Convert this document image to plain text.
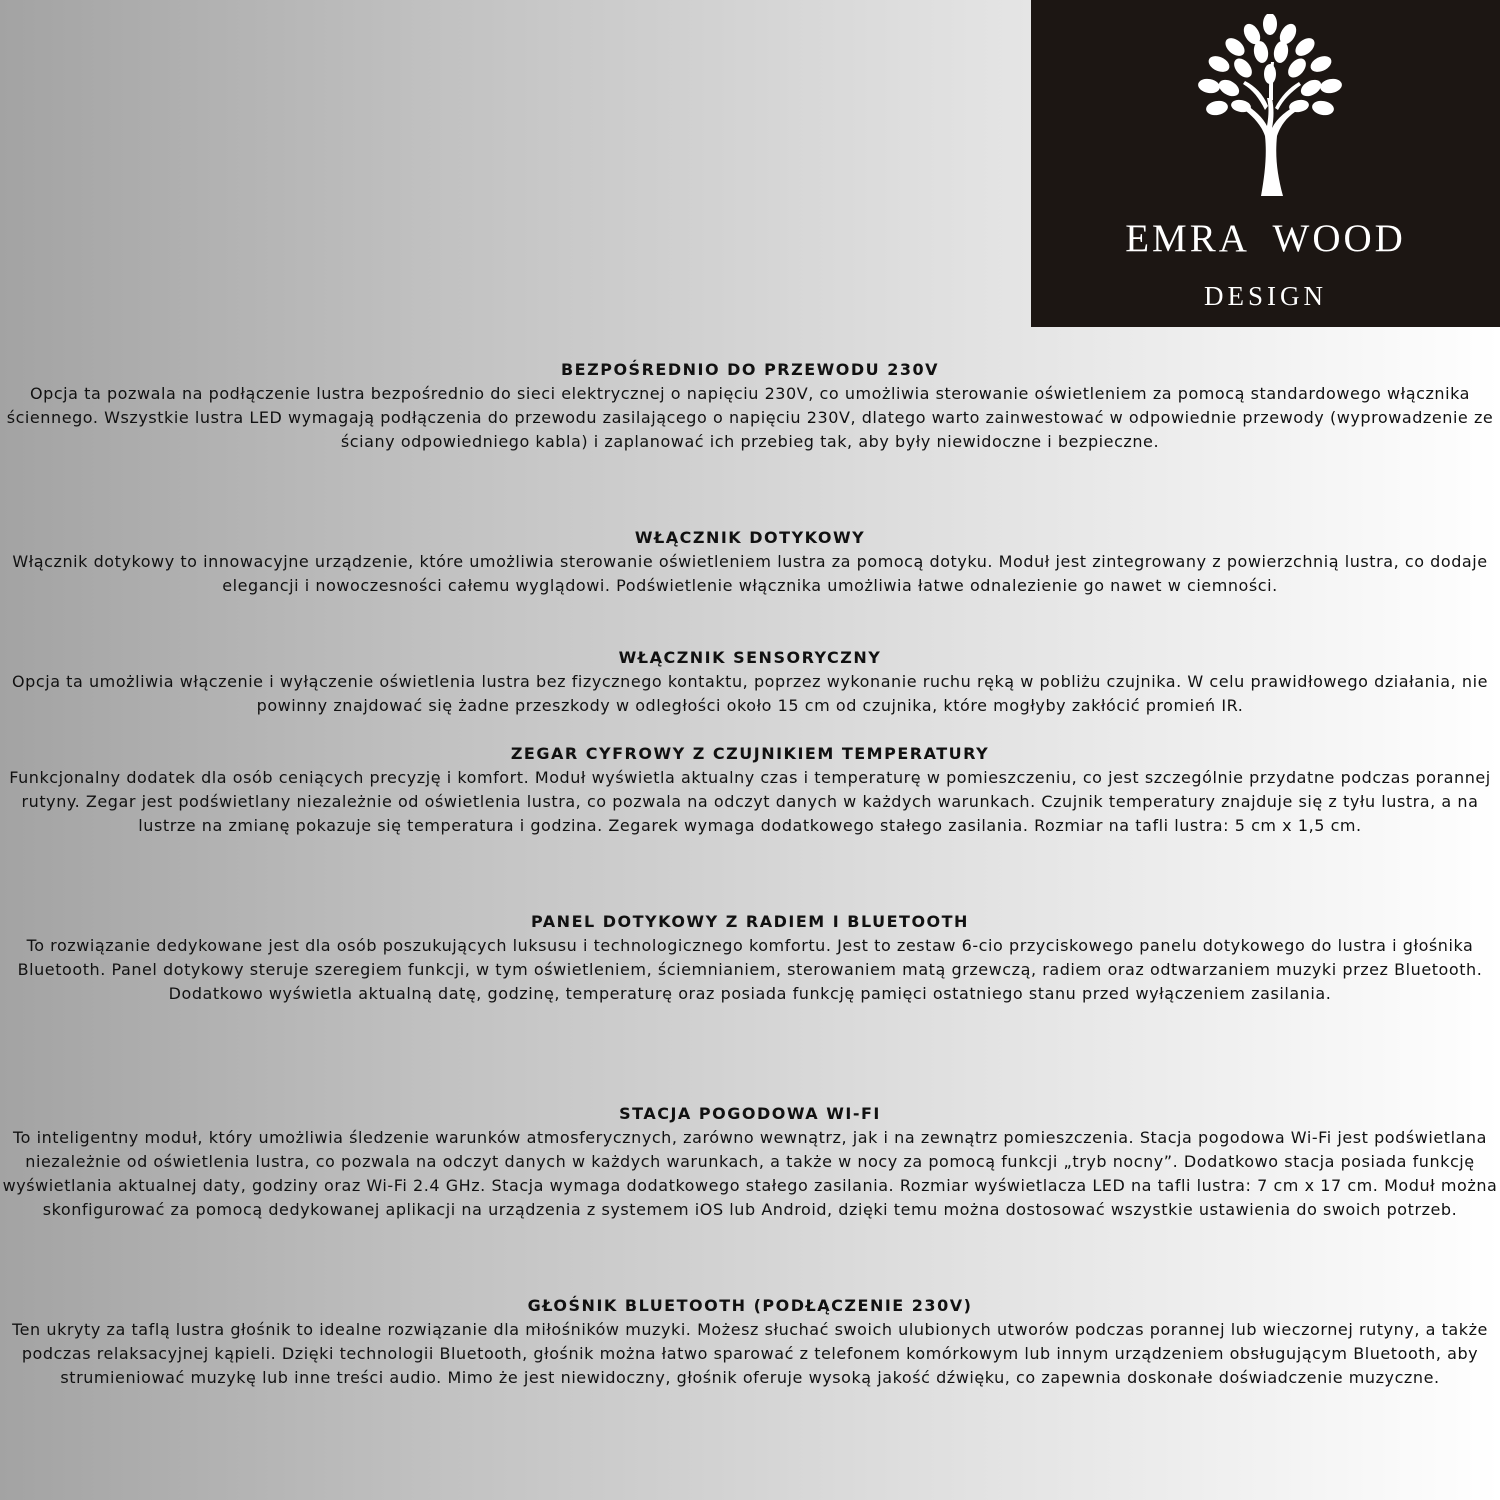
EMRA  WOOD
DESIGN

BEZPOŚREDNIO DO PRZEWODU 230V

Opcja ta pozwala na podłączenie lustra bezpośrednio do sieci elektrycznej o napięciu 230V, co umożliwia sterowanie oświetleniem za pomocą standardowego włącznika ściennego. Wszystkie lustra LED wymagają podłączenia do przewodu zasilającego o napięciu 230V, dlatego warto zainwestować w odpowiednie przewody (wyprowadzenie ze ściany odpowiedniego kabla) i zaplanować ich przebieg tak, aby były niewidoczne i bezpieczne.

WŁĄCZNIK DOTYKOWY

Włącznik dotykowy to innowacyjne urządzenie, które umożliwia sterowanie oświetleniem lustra za pomocą dotyku. Moduł jest zintegrowany z powierzchnią lustra, co dodaje elegancji i nowoczesności całemu wyglądowi. Podświetlenie włącznika umożliwia łatwe odnalezienie go nawet w ciemności.

WŁĄCZNIK SENSORYCZNY

Opcja ta umożliwia włączenie i wyłączenie oświetlenia lustra bez fizycznego kontaktu, poprzez wykonanie ruchu ręką w pobliżu czujnika. W celu prawidłowego działania, nie powinny znajdować się żadne przeszkody w odległości około 15 cm od czujnika, które mogłyby zakłócić promień IR.

ZEGAR CYFROWY Z CZUJNIKIEM TEMPERATURY

Funkcjonalny dodatek dla osób ceniących precyzję i komfort. Moduł wyświetla aktualny czas i temperaturę w pomieszczeniu, co jest szczególnie przydatne podczas porannej rutyny. Zegar jest podświetlany niezależnie od oświetlenia lustra, co pozwala na odczyt danych w każdych warunkach. Czujnik temperatury znajduje się z tyłu lustra, a na lustrze na zmianę pokazuje się temperatura i godzina. Zegarek wymaga dodatkowego stałego zasilania. Rozmiar na tafli lustra: 5 cm x 1,5 cm.

PANEL DOTYKOWY Z RADIEM I BLUETOOTH

To rozwiązanie dedykowane jest dla osób poszukujących luksusu i technologicznego komfortu. Jest to zestaw 6-cio przyciskowego panelu dotykowego do lustra i głośnika Bluetooth. Panel dotykowy steruje szeregiem funkcji, w tym oświetleniem, ściemnianiem, sterowaniem matą grzewczą, radiem oraz odtwarzaniem muzyki przez Bluetooth. Dodatkowo wyświetla aktualną datę, godzinę, temperaturę oraz posiada funkcję pamięci ostatniego stanu przed wyłączeniem zasilania.

STACJA POGODOWA WI-FI

To inteligentny moduł, który umożliwia śledzenie warunków atmosferycznych, zarówno wewnątrz, jak i na zewnątrz pomieszczenia. Stacja pogodowa Wi-Fi jest podświetlana niezależnie od oświetlenia lustra, co pozwala na odczyt danych w każdych warunkach, a także w nocy za pomocą funkcji „tryb nocny”. Dodatkowo stacja posiada funkcję wyświetlania aktualnej daty, godziny oraz Wi-Fi 2.4 GHz. Stacja wymaga dodatkowego stałego zasilania. Rozmiar wyświetlacza LED na tafli lustra: 7 cm x 17 cm. Moduł można skonfigurować za pomocą dedykowanej aplikacji na urządzenia z systemem iOS lub Android, dzięki temu można dostosować wszystkie ustawienia do swoich potrzeb.

GŁOŚNIK BLUETOOTH (PODŁĄCZENIE 230V)

Ten ukryty za taflą lustra głośnik to idealne rozwiązanie dla miłośników muzyki. Możesz słuchać swoich ulubionych utworów podczas porannej lub wieczornej rutyny, a także podczas relaksacyjnej kąpieli. Dzięki technologii Bluetooth, głośnik można łatwo sparować z telefonem komórkowym lub innym urządzeniem obsługującym Bluetooth, aby strumieniować muzykę lub inne treści audio. Mimo że jest niewidoczny, głośnik oferuje wysoką jakość dźwięku, co zapewnia doskonałe doświadczenie muzyczne.
